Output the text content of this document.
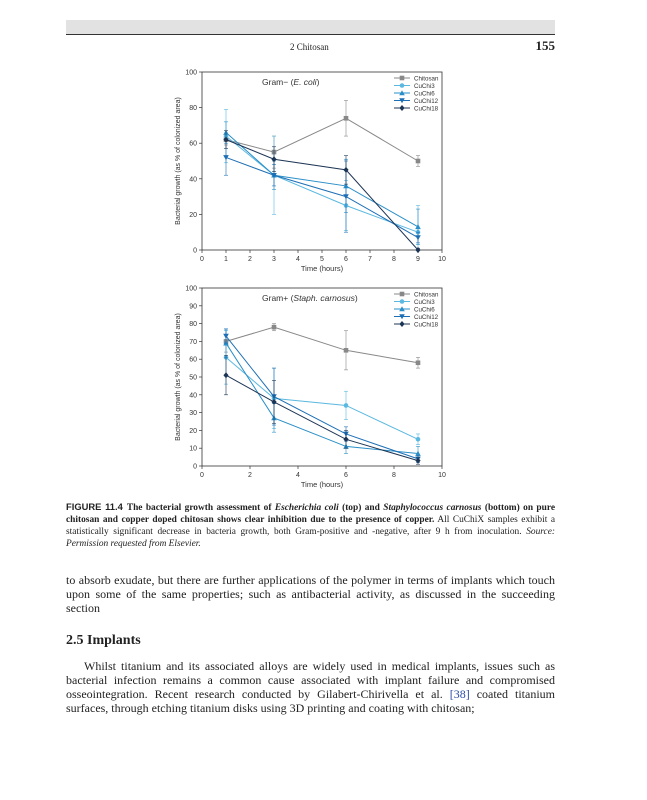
2 Chitosan	155
0
20
40
60
80
100
0	1	2	3	4	5	6	7	8	9	10
Time (hours)
Bacterial growth (as % of colonized area)
Gram− (E. coli)	Chitosan
CuChi3
CuChi6
CuChi12
CuChi18
0
10
20
30
40
50
60
70
80
90
100
0	2	4	6	8	10
Time (hours)
Bacterial growth (as % of colonized area)
Gram+ (Staph. carnosus)	Chitosan
CuChi3
CuChi6
CuChi12
CuChi18
FIGURE 11.4 The bacterial growth assessment of Escherichia coli (top) and Staphylococcus carnosus (bottom) on pure chitosan and copper doped chitosan shows clear inhibition due to the presence of copper. All CuChiX samples exhibit a statistically significant decrease in bacteria growth, both Gram-positive and -negative, after 9 h from inoculation. Source: Permission requested from Elsevier.
to absorb exudate, but there are further applications of the polymer in terms of implants which touch upon some of the same properties; such as antibacterial activity, as discussed in the succeeding section
2.5 Implants
Whilst titanium and its associated alloys are widely used in medical implants, issues such as bacterial infection remains a common cause associated with implant failure and compromised osseointegration. Recent research conducted by Gilabert-Chirivella et al. [38] coated titanium surfaces, through etching titanium disks using 3D printing and coating with chitosan;
